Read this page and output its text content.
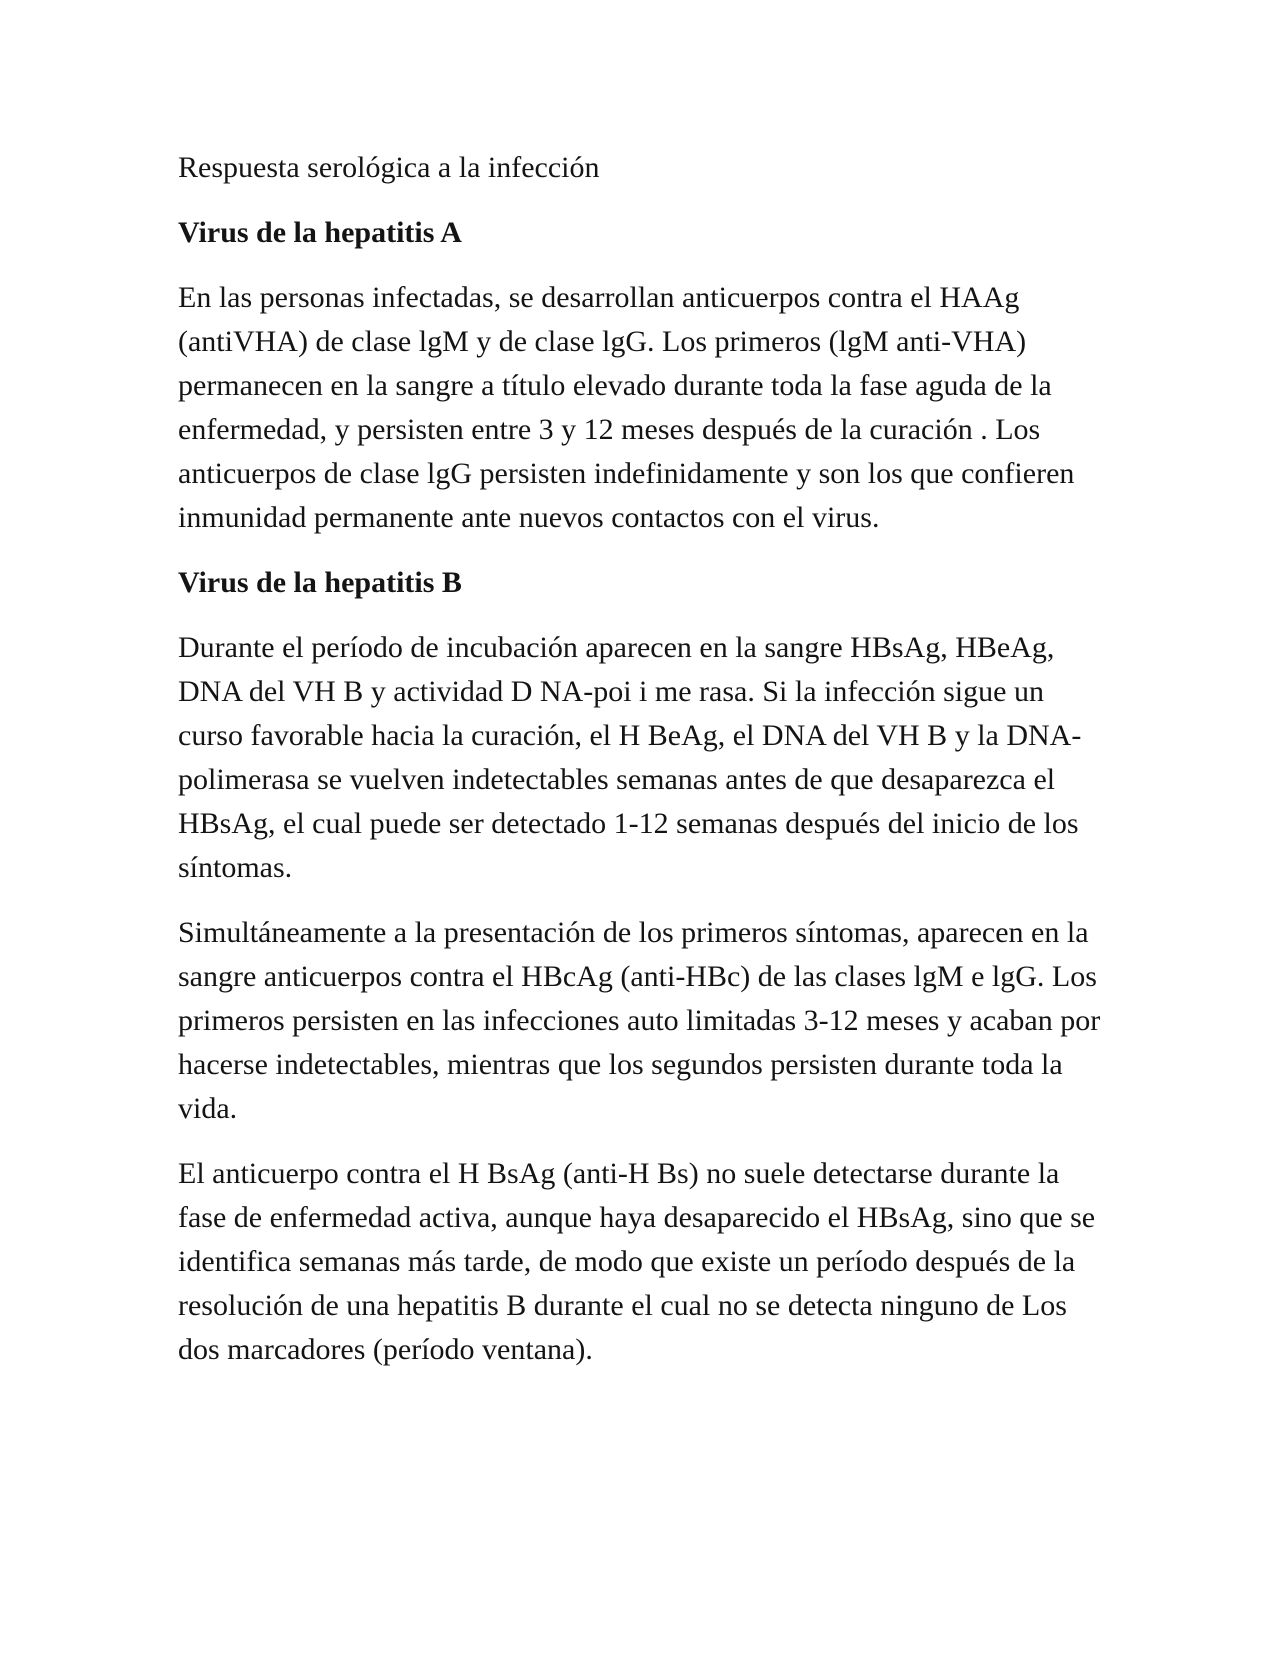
Respuesta serológica a la infección

Virus de la hepatitis A

En las personas infectadas, se desarrollan anticuerpos contra el HAAg (antiVHA) de clase lgM y de clase lgG. Los primeros (lgM anti-VHA) permanecen en la sangre a título elevado durante toda la fase aguda de la enfermedad, y persisten entre 3 y 12 meses después de la curación . Los anticuerpos de clase lgG persisten indefinidamente y son los que confieren inmunidad permanente ante nuevos contactos con el virus.

Virus de la hepatitis B

Durante el período de incubación aparecen en la sangre HBsAg, HBeAg, DNA del VH B y actividad D NA-poi i me rasa. Si la infección sigue un curso favorable hacia la curación, el H BeAg, el DNA del VH B y la DNA-polimerasa se vuelven indetectables semanas antes de que desaparezca el HBsAg, el cual puede ser detectado 1-12 semanas después del inicio de los síntomas.

Simultáneamente a la presentación de los primeros síntomas, aparecen en la sangre anticuerpos contra el HBcAg (anti-HBc) de las clases lgM e lgG. Los primeros persisten en las infecciones auto limitadas 3-12 meses y acaban por hacerse indetectables, mientras que los segundos persisten durante toda la vida.

El anticuerpo contra el H BsAg (anti-H Bs) no suele detectarse durante la fase de enfermedad activa, aunque haya desaparecido el HBsAg, sino que se identifica semanas más tarde, de modo que existe un período después de la resolución de una hepatitis B durante el cual no se detecta ninguno de Los dos marcadores (período ventana).
